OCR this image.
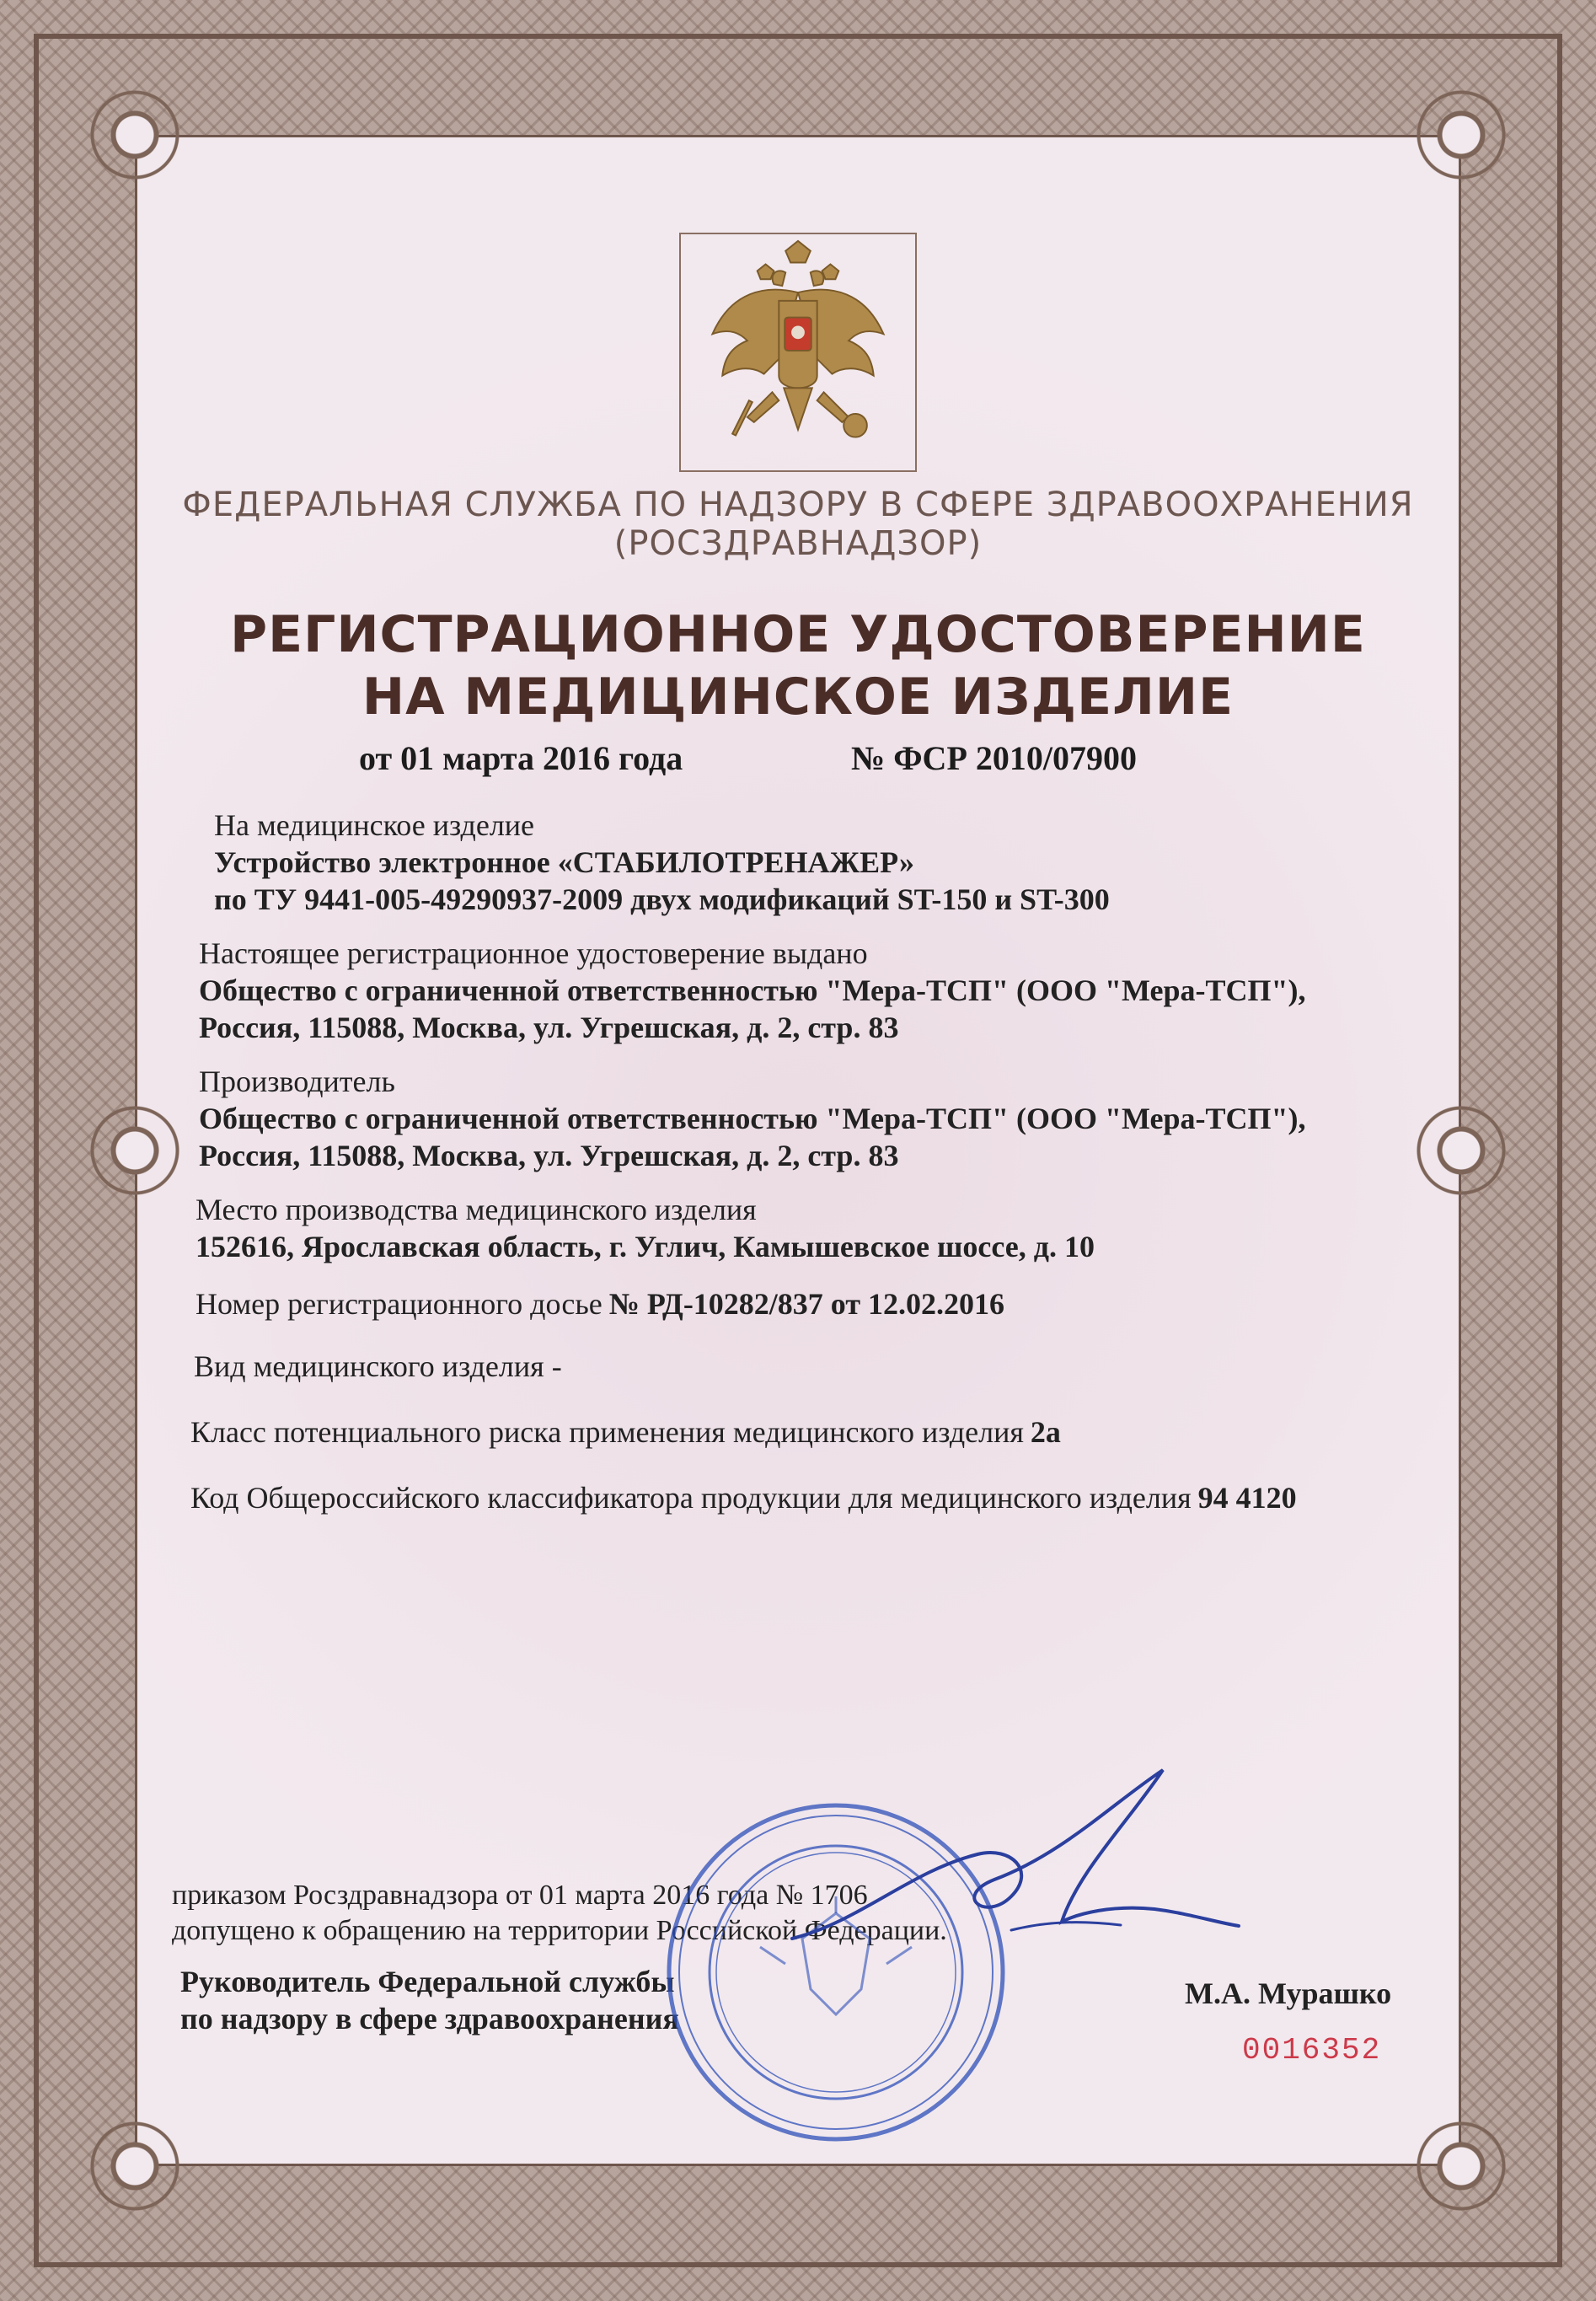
ФЕДЕРАЛЬНАЯ СЛУЖБА ПО НАДЗОРУ В СФЕРЕ ЗДРАВООХРАНЕНИЯ
(РОСЗДРАВНАДЗОР)
РЕГИСТРАЦИОННОЕ УДОСТОВЕРЕНИЕ
НА МЕДИЦИНСКОЕ ИЗДЕЛИЕ
от 01 марта 2016 года	№ ФСР 2010/07900
На медицинское изделие
Устройство электронное «СТАБИЛОТРЕНАЖЕР»
по ТУ 9441-005-49290937-2009 двух модификаций ST-150 и ST-300
Настоящее регистрационное удостоверение выдано
Общество с ограниченной ответственностью "Мера-ТСП" (ООО "Мера-ТСП"),
Россия, 115088, Москва, ул. Угрешская, д. 2, стр. 83
Производитель
Общество с ограниченной ответственностью "Мера-ТСП" (ООО "Мера-ТСП"),
Россия, 115088, Москва, ул. Угрешская, д. 2, стр. 83
Место производства медицинского изделия
152616, Ярославская область, г. Углич, Камышевское шоссе, д. 10
Номер регистрационного досье № РД-10282/837 от 12.02.2016
Вид медицинского изделия -
Класс потенциального риска применения медицинского изделия 2а
Код Общероссийского классификатора продукции для медицинского изделия 94 4120
приказом Росздравнадзора от 01 марта 2016 года № 1706
допущено к обращению на территории Российской Федерации.
Руководитель Федеральной службы
по надзору в сфере здравоохранения
М.А. Мурашко
0016352
